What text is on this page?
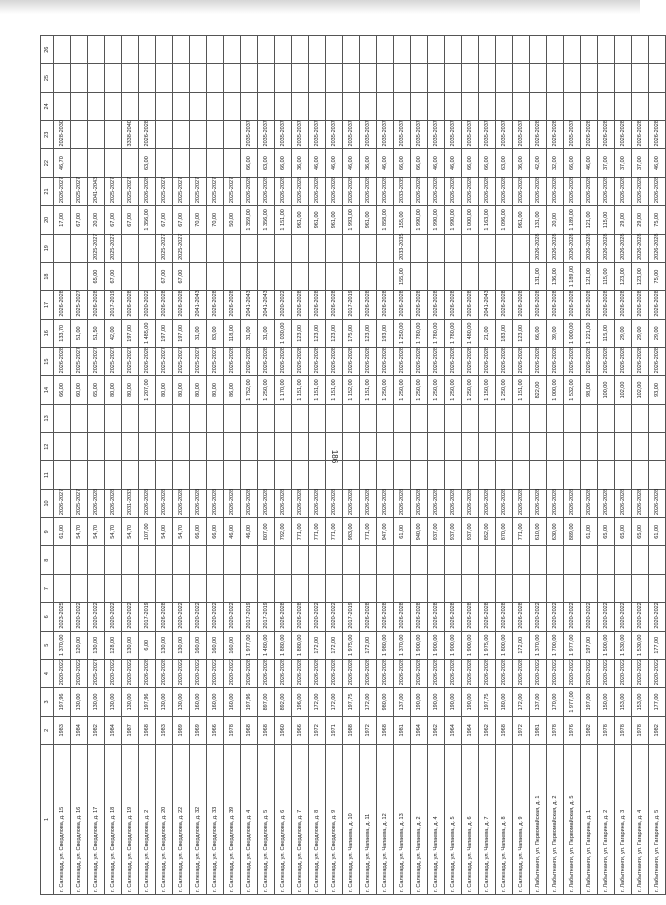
186
1	2	3	4	5	6	7	8	9	10	11	12	13	14	15	16	17	18	19	20	21	22	23	24	25	26
г. Салехард, ул. Свердлова, д. 15	1983	197,96	2020-2022	1 370,00	2023-2025			61,00	2026-2027				66,00	2026-2028	133,70	2026-2028			17,00	2026-2027	46,70	2028-2030			
г. Салехард, ул. Свердлова, д. 16	1984	130,00	2020-2022	120,00	2020-2022			54,70	2025-2027				60,00	2025-2027	51,00	2025-2027			67,00	2025-2027					
г. Салехард, ул. Свердлова, д. 17	1982	130,00	2025-2027	130,00	2020-2022			54,70	2026-2028				65,00	2025-2027	51,50	2026-2028	65,00	2025-2027	20,00	2041-2043					
г. Салехард, ул. Свердлова, д. 18	1984	130,00	2020-2022	128,00	2020-2022			54,70	2026-2028				80,00	2025-2027	42,00	2017-2019	67,00	2025-2027	67,00	2025-2027					
г. Салехард, ул. Свердлова, д. 19	1987	130,00	2020-2022	130,00	2020-2022			54,70	2031-2033				80,00	2025-2027	197,00	2026-2028			67,00	2025-2027		3338-2040			
г. Салехард, ул. Свердлова, д. 2	1968	197,96	2026-2028	6,00	2017-2019			107,00	2026-2028				1 207,00	2026-2028	1 485,00	2020-2022			1 356,00	2026-2028	63,00	2026-2028			
г. Салехард, ул. Свердлова, д. 20	1983	130,00	2026-2028	130,00	2026-2028			54,00	2026-2028				80,00	2025-2027	197,00	2026-2028	67,00	2025-2027	67,00	2025-2027					
г. Салехард, ул. Свердлова, д. 22	1989	130,00	2020-2022	130,00	2020-2022			54,70	2026-2028				80,00	2025-2027	197,00	2026-2028	67,00	2025-2027	67,00	2025-2027					
г. Салехард, ул. Свердлова, д. 32	1969	160,00	2020-2022	160,00	2020-2022			66,00	2026-2028				80,00	2025-2027	31,00	2041-2043			70,00	2025-2027					
г. Салехард, ул. Свердлова, д. 33	1966	160,00	2020-2022	160,00	2020-2022			66,00	2026-2028				80,00	2025-2027	83,00	2026-2028			70,00	2025-2027					
г. Салехард, ул. Свердлова, д. 39	1978	160,00	2020-2022	160,00	2020-2022			46,00	2026-2028				86,00	2026-2028	118,00	2026-2028			50,00	2025-2027					
г. Салехард, ул. Свердлова, д. 4	1968	197,96	2026-2028	1 977,00	2017-2019			46,00	2026-2028				1 752,00	2026-2028	31,00	2041-2043			1 359,00	2026-2028	66,00	2035-2037			
г. Салехард, ул. Свердлова, д. 5	1968	897,00	2026-2028	1 480,00	2017-2019			807,00	2026-2028				1 250,00	2026-2028	31,00	2041-2043			1 356,00	2026-2028	63,00	2035-2037			
г. Салехард, ул. Свердлова, д. 6	1960	892,00	2026-2028	1 880,00	2026-2028			792,00	2026-2028				1 170,00	2026-2028	1 030,00	2020-2022			1 151,00	2026-2028	66,00	2035-2037			
г. Салехард, ул. Свердлова, д. 7	1966	196,00	2026-2028	1 880,00	2026-2028			771,00	2026-2028				1 151,00	2026-2028	123,00	2026-2028			961,00	2026-2028	36,00	2035-2037			
г. Салехард, ул. Свердлова, д. 8	1972	172,00	2026-2028	172,00	2020-2022			771,00	2026-2028				1 151,00	2026-2028	123,00	2026-2028			961,00	2026-2028	46,00	2035-2037			
г. Салехард, ул. Свердлова, д. 9	1971	172,00	2026-2028	172,00	2020-2022			771,00	2026-2028				1 151,00	2026-2028	123,00	2026-2028			961,00	2026-2028	46,00	2035-2037			
г. Салехард, ул. Чапаева, д. 10	1988	197,75	2026-2028	1 975,00	2017-2019			983,00	2026-2028				1 152,00	2026-2028	175,00	2017-2019			1 993,00	2026-2028	46,00	2035-2037			
г. Салехард, ул. Чапаева, д. 11	1972	172,00	2026-2028	172,00	2026-2028			771,00	2026-2028				1 151,00	2026-2028	123,00	2026-2028			961,00	2026-2028	36,00	2035-2037			
г. Салехард, ул. Чапаева, д. 12	1968	980,00	2026-2028	1 980,00	2026-2028			947,00	2026-2028				1 250,00	2026-2028	193,00	2026-2028			1 858,00	2026-2028	46,00	2035-2037			
г. Салехард, ул. Чапаева, д. 13	1981	137,00	2026-2028	1 370,00	2026-2028			61,00	2026-2028				1 250,00	2026-2028	1 250,00	2026-2028	155,00	2033-2035	155,00	2033-2035	66,00	2035-2037			
г. Салехард, ул. Чапаева, д. 2	1964	190,00	2026-2028	1 900,00	2026-2028			940,00	2026-2028				1 250,00	2026-2028	1 780,00	2026-2028			1 990,00	2026-2028	66,00	2035-2037			
г. Салехард, ул. Чапаева, д. 4	1962	190,00	2026-2028	1 900,00	2026-2028			937,00	2026-2028				1 250,00	2026-2028	1 780,00	2026-2028			1 990,00	2026-2028	46,00	2035-2037			
г. Салехард, ул. Чапаева, д. 5	1964	190,00	2026-2028	1 900,00	2026-2028			937,00	2026-2028				1 250,00	2026-2028	1 780,00	2026-2028			1 990,00	2026-2028	46,00	2035-2037			
г. Салехард, ул. Чапаева, д. 6	1964	190,00	2026-2028	1 900,00	2026-2028			937,00	2026-2028				1 250,00	2026-2028	1 480,00	2026-2028			1 000,00	2026-2028	66,00	2035-2037			
г. Салехард, ул. Чапаева, д. 7	1962	197,75	2026-2028	1 975,00	2026-2028			852,00	2026-2028				1 150,00	2026-2028	21,00	2041-2043			1 163,00	2026-2028	66,00	2035-2037			
г. Салехард, ул. Чапаева, д. 8	1968	180,00	2026-2028	1 800,00	2026-2028			870,00	2026-2028				1 250,00	2026-2028	183,00	2026-2028			1 096,00	2026-2028	63,00	2035-2037			
г. Салехард, ул. Чапаева, д. 9	1972	172,00	2026-2028	172,00	2026-2028			771,00	2026-2028				1 151,00	2026-2028	123,00	2026-2028			961,00	2026-2028	36,00	2035-2037			
г. Лабытнанги, ул. Первомайская, д. 1	1981	137,00	2020-2022	1 370,00	2020-2022			610,00	2026-2028				822,00	2026-2028	66,00	2026-2028	131,00	2026-2028	131,00	2026-2028	42,00	2026-2028			
г. Лабытнанги, ул. Первомайская, д. 2	1978	170,00	2020-2022	1 700,00	2020-2022			630,00	2026-2028				1 000,00	2026-2028	39,00	2026-2028	136,00	2026-2028	20,00	2026-2028	32,00	2026-2028			
г. Лабытнанги, ул. Первомайская, д. 5	1976	1 977,00	2020-2022	1 977,00	2020-2022			889,00	2026-2028				1 532,00	2026-2028	1 000,00	2026-2028	1 189,00	2026-2028	1 189,00	2026-2028	66,00	2035-2037			
г. Лабытнанги, ул. Гагарина, д. 1	1982	197,00	2020-2022	197,00	2020-2022			61,00	2026-2028				98,00	2026-2028	1 221,00	2026-2028	121,00	2026-2028	121,00	2026-2028	46,00	2026-2028			
г. Лабытнанги, ул. Гагарина, д. 2	1978	150,00	2020-2022	1 500,00	2020-2022			65,00	2026-2028				100,00	2026-2028	115,00	2026-2028	115,00	2026-2028	115,00	2026-2028	37,00	2026-2028			
г. Лабытнанги, ул. Гагарина, д. 3	1978	153,00	2020-2022	1 530,00	2020-2022			65,00	2026-2028				102,00	2026-2028	29,00	2026-2028	123,00	2026-2028	29,00	2026-2028	37,00	2026-2028			
г. Лабытнанги, ул. Гагарина, д. 4	1978	153,00	2020-2022	1 530,00	2020-2022			65,00	2026-2028				102,00	2026-2028	29,00	2026-2028	123,00	2026-2028	29,00	2026-2028	37,00	2026-2028			
г. Лабытнанги, ул. Гагарина, д. 5	1982	177,00	2020-2022	177,00	2020-2022			61,00	2026-2028				93,00	2026-2028	29,00	2026-2028	75,00	2026-2028	75,00	2026-2028	46,00	2026-2028			
